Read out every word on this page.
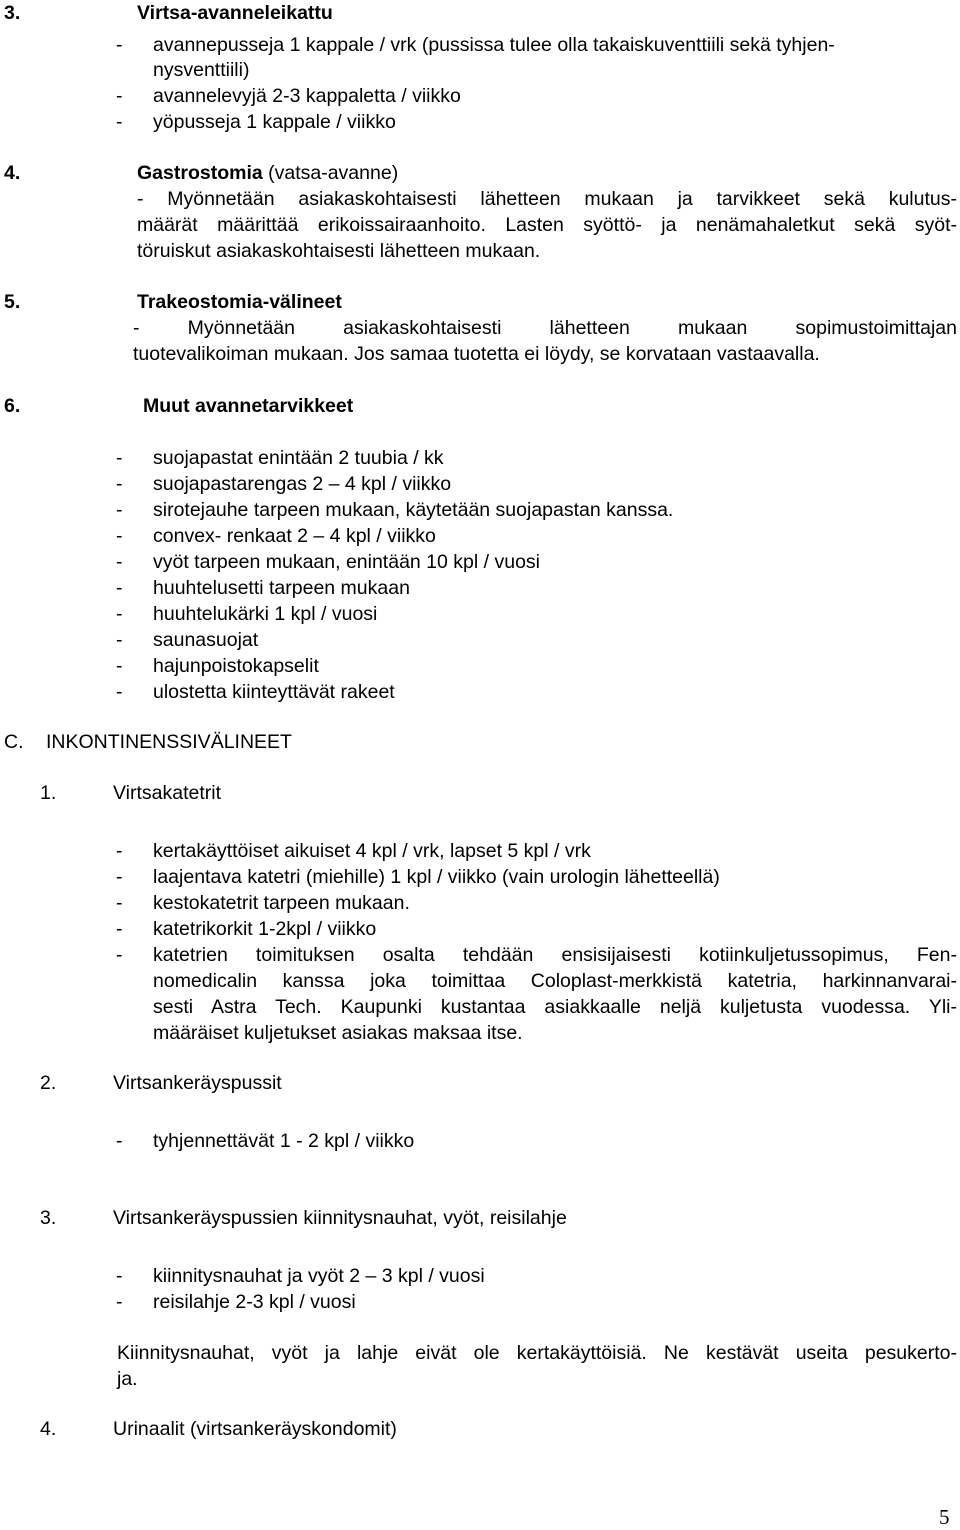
3.	Virtsa-avanneleikattu
- avannepusseja 1 kappale / vrk (pussissa tulee olla takaiskuventtiili sekä tyhjen-
nysventtiili)
- avannelevyjä 2-3 kappaletta / viikko
- yöpusseja 1 kappale / viikko
4.	Gastrostomia (vatsa-avanne)
- Myönnetään asiakaskohtaisesti lähetteen mukaan ja tarvikkeet sekä kulutus-
määrät määrittää erikoissairaanhoito. Lasten syöttö- ja nenämahaletkut sekä syöt-
töruiskut asiakaskohtaisesti lähetteen mukaan.
5.	Trakeostomia-välineet
- Myönnetään asiakaskohtaisesti lähetteen mukaan sopimustoimittajan
tuotevalikoiman mukaan. Jos samaa tuotetta ei löydy, se korvataan vastaavalla.
6.	Muut avannetarvikkeet
- suojapastat enintään 2 tuubia / kk
- suojapastarengas 2 – 4 kpl / viikko
- sirotejauhe tarpeen mukaan, käytetään suojapastan kanssa.
- convex- renkaat 2 – 4 kpl / viikko
- vyöt tarpeen mukaan, enintään 10 kpl / vuosi
- huuhtelusetti tarpeen mukaan
- huuhtelukärki 1 kpl / vuosi
- saunasuojat
- hajunpoistokapselit
- ulostetta kiinteyttävät rakeet
C. INKONTINENSSIVÄLINEET
1.	Virtsakatetrit
- kertakäyttöiset aikuiset 4 kpl / vrk, lapset 5 kpl / vrk
- laajentava katetri (miehille) 1 kpl / viikko (vain urologin lähetteellä)
- kestokatetrit tarpeen mukaan.
- katetrikorkit 1-2kpl / viikko
- katetrien toimituksen osalta tehdään ensisijaisesti kotiinkuljetussopimus, Fen-
nomedicalin kanssa joka toimittaa Coloplast-merkkistä katetria, harkinnanvarai-
sesti Astra Tech. Kaupunki kustantaa asiakkaalle neljä kuljetusta vuodessa. Yli-
määräiset kuljetukset asiakas maksaa itse.
2.	Virtsankeräyspussit
- tyhjennettävät 1 - 2 kpl / viikko
3.	Virtsankeräyspussien kiinnitysnauhat, vyöt, reisilahje
- kiinnitysnauhat ja vyöt 2 – 3 kpl / vuosi
- reisilahje 2-3 kpl / vuosi
Kiinnitysnauhat, vyöt ja lahje eivät ole kertakäyttöisiä. Ne kestävät useita pesukerto-
ja.
4.	Urinaalit (virtsankeräyskondomit)
5
